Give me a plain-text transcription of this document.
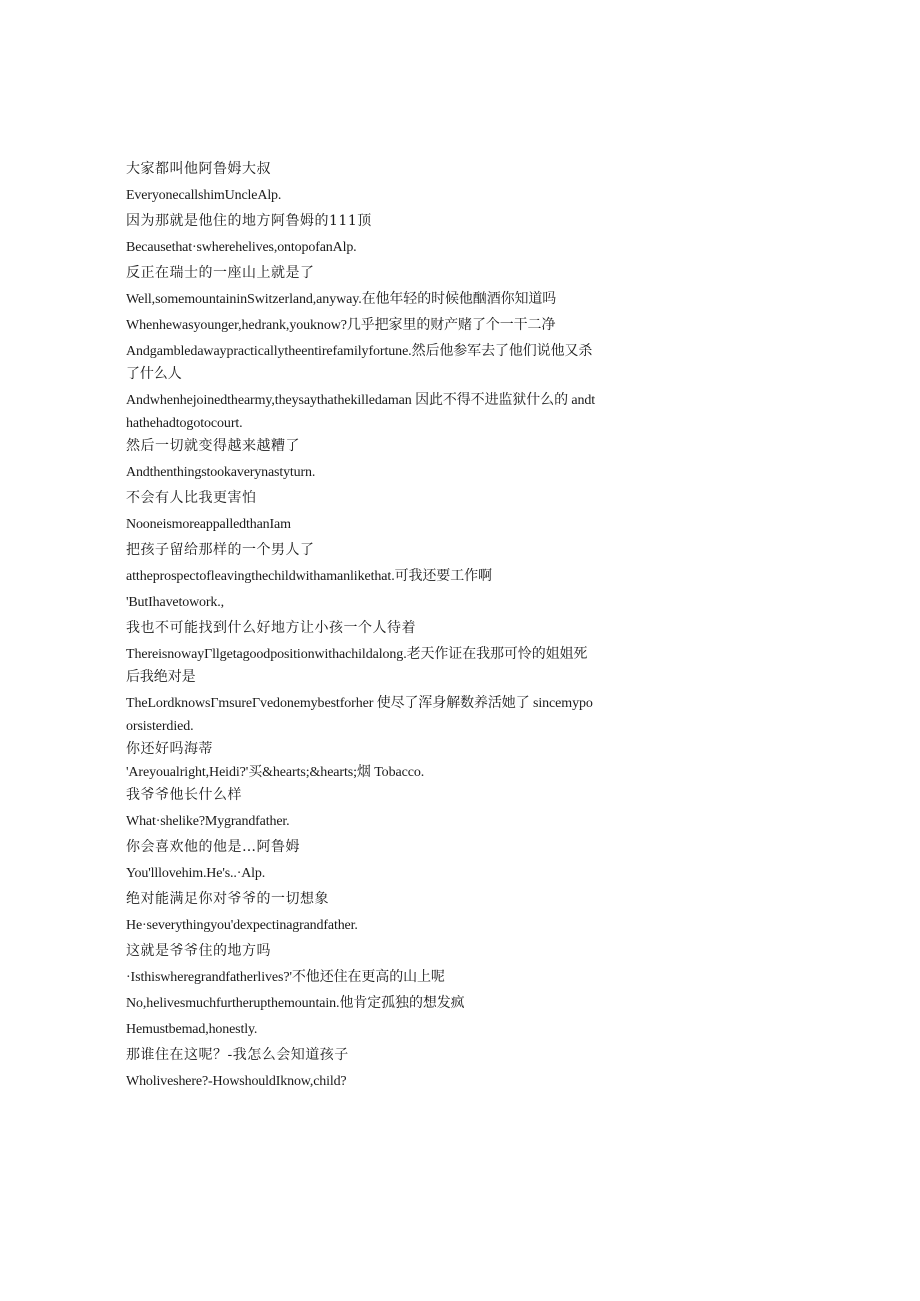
大家都叫他阿鲁姆大叔

EveryonecallshimUncleAlp.

因为那就是他住的地方阿鲁姆的111顶

Becausethat·swherehelives,ontopofanAlp.

反正在瑞士的一座山上就是了

Well,somemountaininSwitzerland,anyway.在他年轻的时候他酗酒你知道吗

Whenhewasyounger,hedrank,youknow?几乎把家里的财产赌了个一干二净

Andgambledawaypracticallytheentirefamilyfortune.然后他参军去了他们说他又杀了什么人

Andwhenhejoinedthearmy,theysaythathekilledaman 因此不得不进监狱什么的 andthathehadtogotocourt.

然后一切就变得越来越糟了

Andthenthingstookaverynastyturn.

不会有人比我更害怕

NooneismoreappalledthanIam

把孩子留给那样的一个男人了

attheprospectofleavingthechildwithamanlikethat.可我还要工作啊

'ButIhavetowork.,

我也不可能找到什么好地方让小孩一个人待着

ThereisnowayΓllgetagoodpositionwithachildalong.老天作证在我那可怜的姐姐死后我绝对是

TheLordknowsΓmsureΓvedonemybestforher 使尽了浑身解数养活她了 sincemypoorsisterdied.

你还好吗海蒂

'Areyoualright,Heidi?'买&hearts;&hearts;烟 Tobacco.

我爷爷他长什么样

What·shelike?Mygrandfather.

你会喜欢他的他是…阿鲁姆

You'lllovehim.He's..·Alp.

绝对能满足你对爷爷的一切想象

He·severythingyou'dexpectinagrandfather.

这就是爷爷住的地方吗

·Isthiswheregrandfatherlives?'不他还住在更高的山上呢

No,helivesmuchfurtherupthemountain.他肯定孤独的想发疯

Hemustbemad,honestly.

那谁住在这呢？-我怎么会知道孩子

Wholiveshere?-HowshouldIknow,child?
